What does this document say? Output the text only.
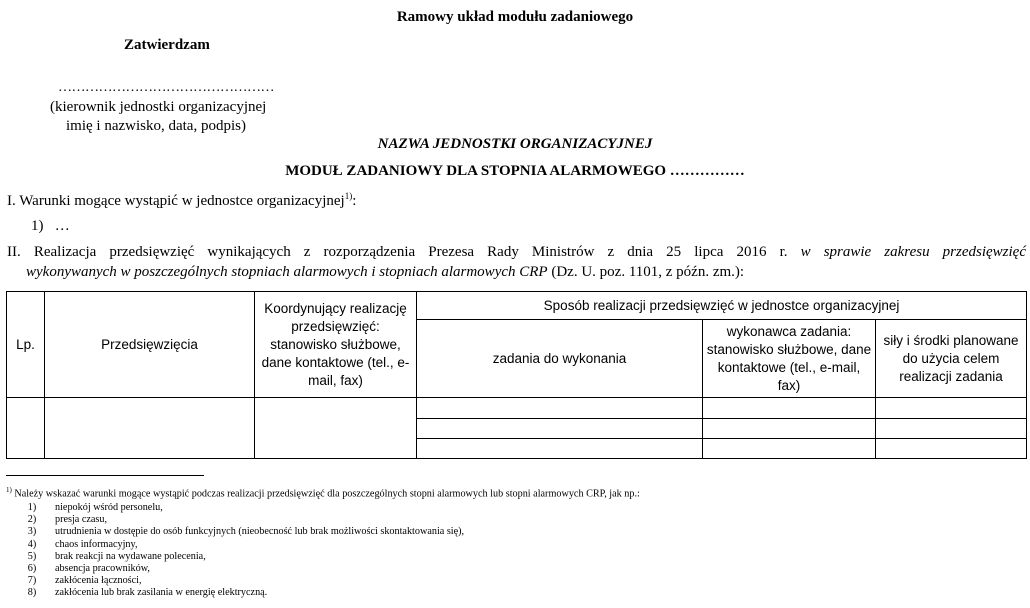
Ramowy układ modułu zadaniowego
Zatwierdzam
…………………………………………
(kierownik jednostki organizacyjnej
imię i nazwisko, data, podpis)
NAZWA JEDNOSTKI ORGANIZACYJNEJ
MODUŁ ZADANIOWY DLA STOPNIA ALARMOWEGO ……………
I. Warunki mogące wystąpić w jednostce organizacyjnej$^{1)}$:
1) …
II. Realizacja przedsięwzięć wynikających z rozporządzenia Prezesa Rady Ministrów z dnia 25 lipca 2016 r. w sprawie zakresu przedsięwzięć
wykonywanych w poszczególnych stopniach alarmowych i stopniach alarmowych CRP (Dz. U. poz. 1101, z późn. zm.):
Lp.	Przedsięwzięcia	Koordynujący realizację przedsięwzięć: stanowisko służbowe, dane kontaktowe (tel., e-mail, fax)	Sposób realizacji przedsięwzięć w jednostce organizacyjnej		
			zadania do wykonania	wykonawca zadania: stanowisko służbowe, dane kontaktowe (tel., e-mail, fax)	siły i środki planowane do użycia celem realizacji zadania

$^{1)}$ Należy wskazać warunki mogące wystąpić podczas realizacji przedsięwzięć dla poszczególnych stopni alarmowych lub stopni alarmowych CRP, jak np.:
1)	niepokój wśród personelu,
2)	presja czasu,
3)	utrudnienia w dostępie do osób funkcyjnych (nieobecność lub brak możliwości skontaktowania się),
4)	chaos informacyjny,
5)	brak reakcji na wydawane polecenia,
6)	absencja pracowników,
7)	zakłócenia łączności,
8)	zakłócenia lub brak zasilania w energię elektryczną.
